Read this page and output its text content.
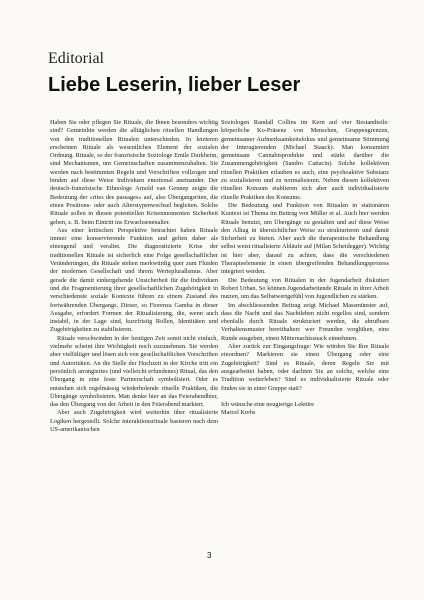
Editorial
Liebe Leserin, lieber Leser

Haben Sie oder pflegen Sie Rituale, die Ihnen besonders wichtig sind? Gemeinhin werden die alltäglichen rituellen Handlungen von den traditionellen Ritualen unterschieden. In letzteren erscheinen Rituale als wesentliches Element der sozialen Ordnung. Rituale, so der französische Soziologe Emile Durkheim, sind Mechanismen, um Gemeinschaften zusammenzuhalten. Sie werden nach bestimmten Regeln und Vorschriften vollzogen und binden auf diese Weise Individuen emotional aneinander. Der deutsch-französische Ethnologe Arnold van Gennep zeigte die Bedeutung der «rites des passages» auf, also Übergangsriten, die einen Positions- oder auch Alterstypenwechsel begleiten. Solche Rituale sollen in diesen potentiellen Krisenmomenten Sicherheit geben, z. B. beim Eintritt ins Erwachsenenalter.

Aus einer kritischen Perspektive betrachtet haben Rituale immer eine konservierende Funktion und gelten daher als einengend und veraltet. Die diagnostizierte Krise der traditionellen Rituale ist sicherlich eine Folge gesellschaftlicher Veränderungen, die Rituale stehen merkwürdig quer zum Fluiden der modernen Gesellschaft und ihrem Werteplurallsmus. Aber gerade die damit einhergehende Unsicherheit für die Individuen und die Fragmentierung ihrer gesellschaftlichen Zugehörigkeit in verschiedenste soziale Kontexte führen zu einem Zustand des fortwährenden Übergangs. Dieser, so Fiorenza Gamba in dieser Ausgabe, erfordert Formen der Ritualisierung, die, wenn auch instabil, in der Lage sind, kurzfristig Rollen, Identitäten und Zugehörigkeiten zu stabilisieren.

Rituale verschwinden in der heutigen Zeit somit nicht einfach, vielmehr scheint ihre Wichtigkeit noch zuzunehmen. Sie werden aber vielfältiger und lösen sich von gesellschaftlichen Vorschriften und Autoritäten. An die Stelle der Hochzeit in der Kirche tritt ein persönlich arrangiertes (und vielleicht erfundenes) Ritual, das den Übergang in eine feste Partnerschaft symbolisiert. Oder es entstehen sich regelmässig wiederholende rituelle Praktiken, die Übergänge symbolisieren. Man denke hier an das Feierabendbier, das den Übergang von der Arbeit in den Feierabend markiert.

Aber auch Zugehörigkeit wird weiterhin über ritualisierte Logiken hergestellt. Solche interaktionsrituale basieren nach dem US-amerikanischen

Soziologen Randall Collins im Kern auf vier Bestandteile: körperliche Ko-Präsenz von Menschen, Gruppengrenzen, gemeinsamer Aufmerksamkeitsfokus und gemeinsame Stimmung der Interagierenden (Michael Staack). Man konsumiert gemeinsam Cannabisprodukte und stärkt darüber die Zusammengehörigkeit (Sandro Cattacin). Solche kollektiven rituellen Praktiken erlauben es auch, eine psychoaktive Substanz zu sozialisieren und zu normalisieren. Neben diesen kollektiven rituellen Konsum etablieren sich aber auch individualisierte rituelle Praktiken des Konsums.

Die Bedeutung und Funktion von Ritualen in stationären Kontext ist Thema im Beitrag von Müller et al. Auch hier werden Rituale benutzt, um Übergänge zu gestalten und auf diese Weise den Alltag in übersichtlicher Weise zu strukturieren und damit Sicherheit zu bieten. Aber auch die therapeutische Behandlung selbst weist ritualisierte Abläufe auf (Milan Scheidegger). Wichtig ist hier aber, darauf zu achten, dass die verschiedenen Therapieelemente in einen übergreifenden Behandlungsprozess integriert werden.

Die Bedeutung von Ritualen in der Jugendarbeit diskutiert Robert Urban. So können Jugendarbeitende Rituale in ihrer Arbeit nutzen, um das Selbstwertgefühl von Jugendlichen zu stärken.

Im abschliessenden Beitrag zeigt Michael Massmünster auf, dass die Nacht und das Nachtleben nicht regellos sind, sondern ebenfalls durch Rituale strukturiert werden, die abrufbare Verhaltensmuster bereithalten: wer Freunden vorglühen, eine Runde ausgeben, einen Mitternachtssnack einnehmen.

Aber zurück zur Eingangsfrage: Wie würden Sie Ihre Rituale einordnen? Markieren sie einen Übergang oder eine Zugehörigkeit? Sind es Rituale, deren Regeln Sie mit ausgearbeitet haben, oder dachten Sie an solche, welche eine Tradition weiterleben? Sind es individualisierte Rituale oder finden sie in einer Gruppe statt?

Ich wünsche eine neugierige Lektüre

Marcel Krebs

3
